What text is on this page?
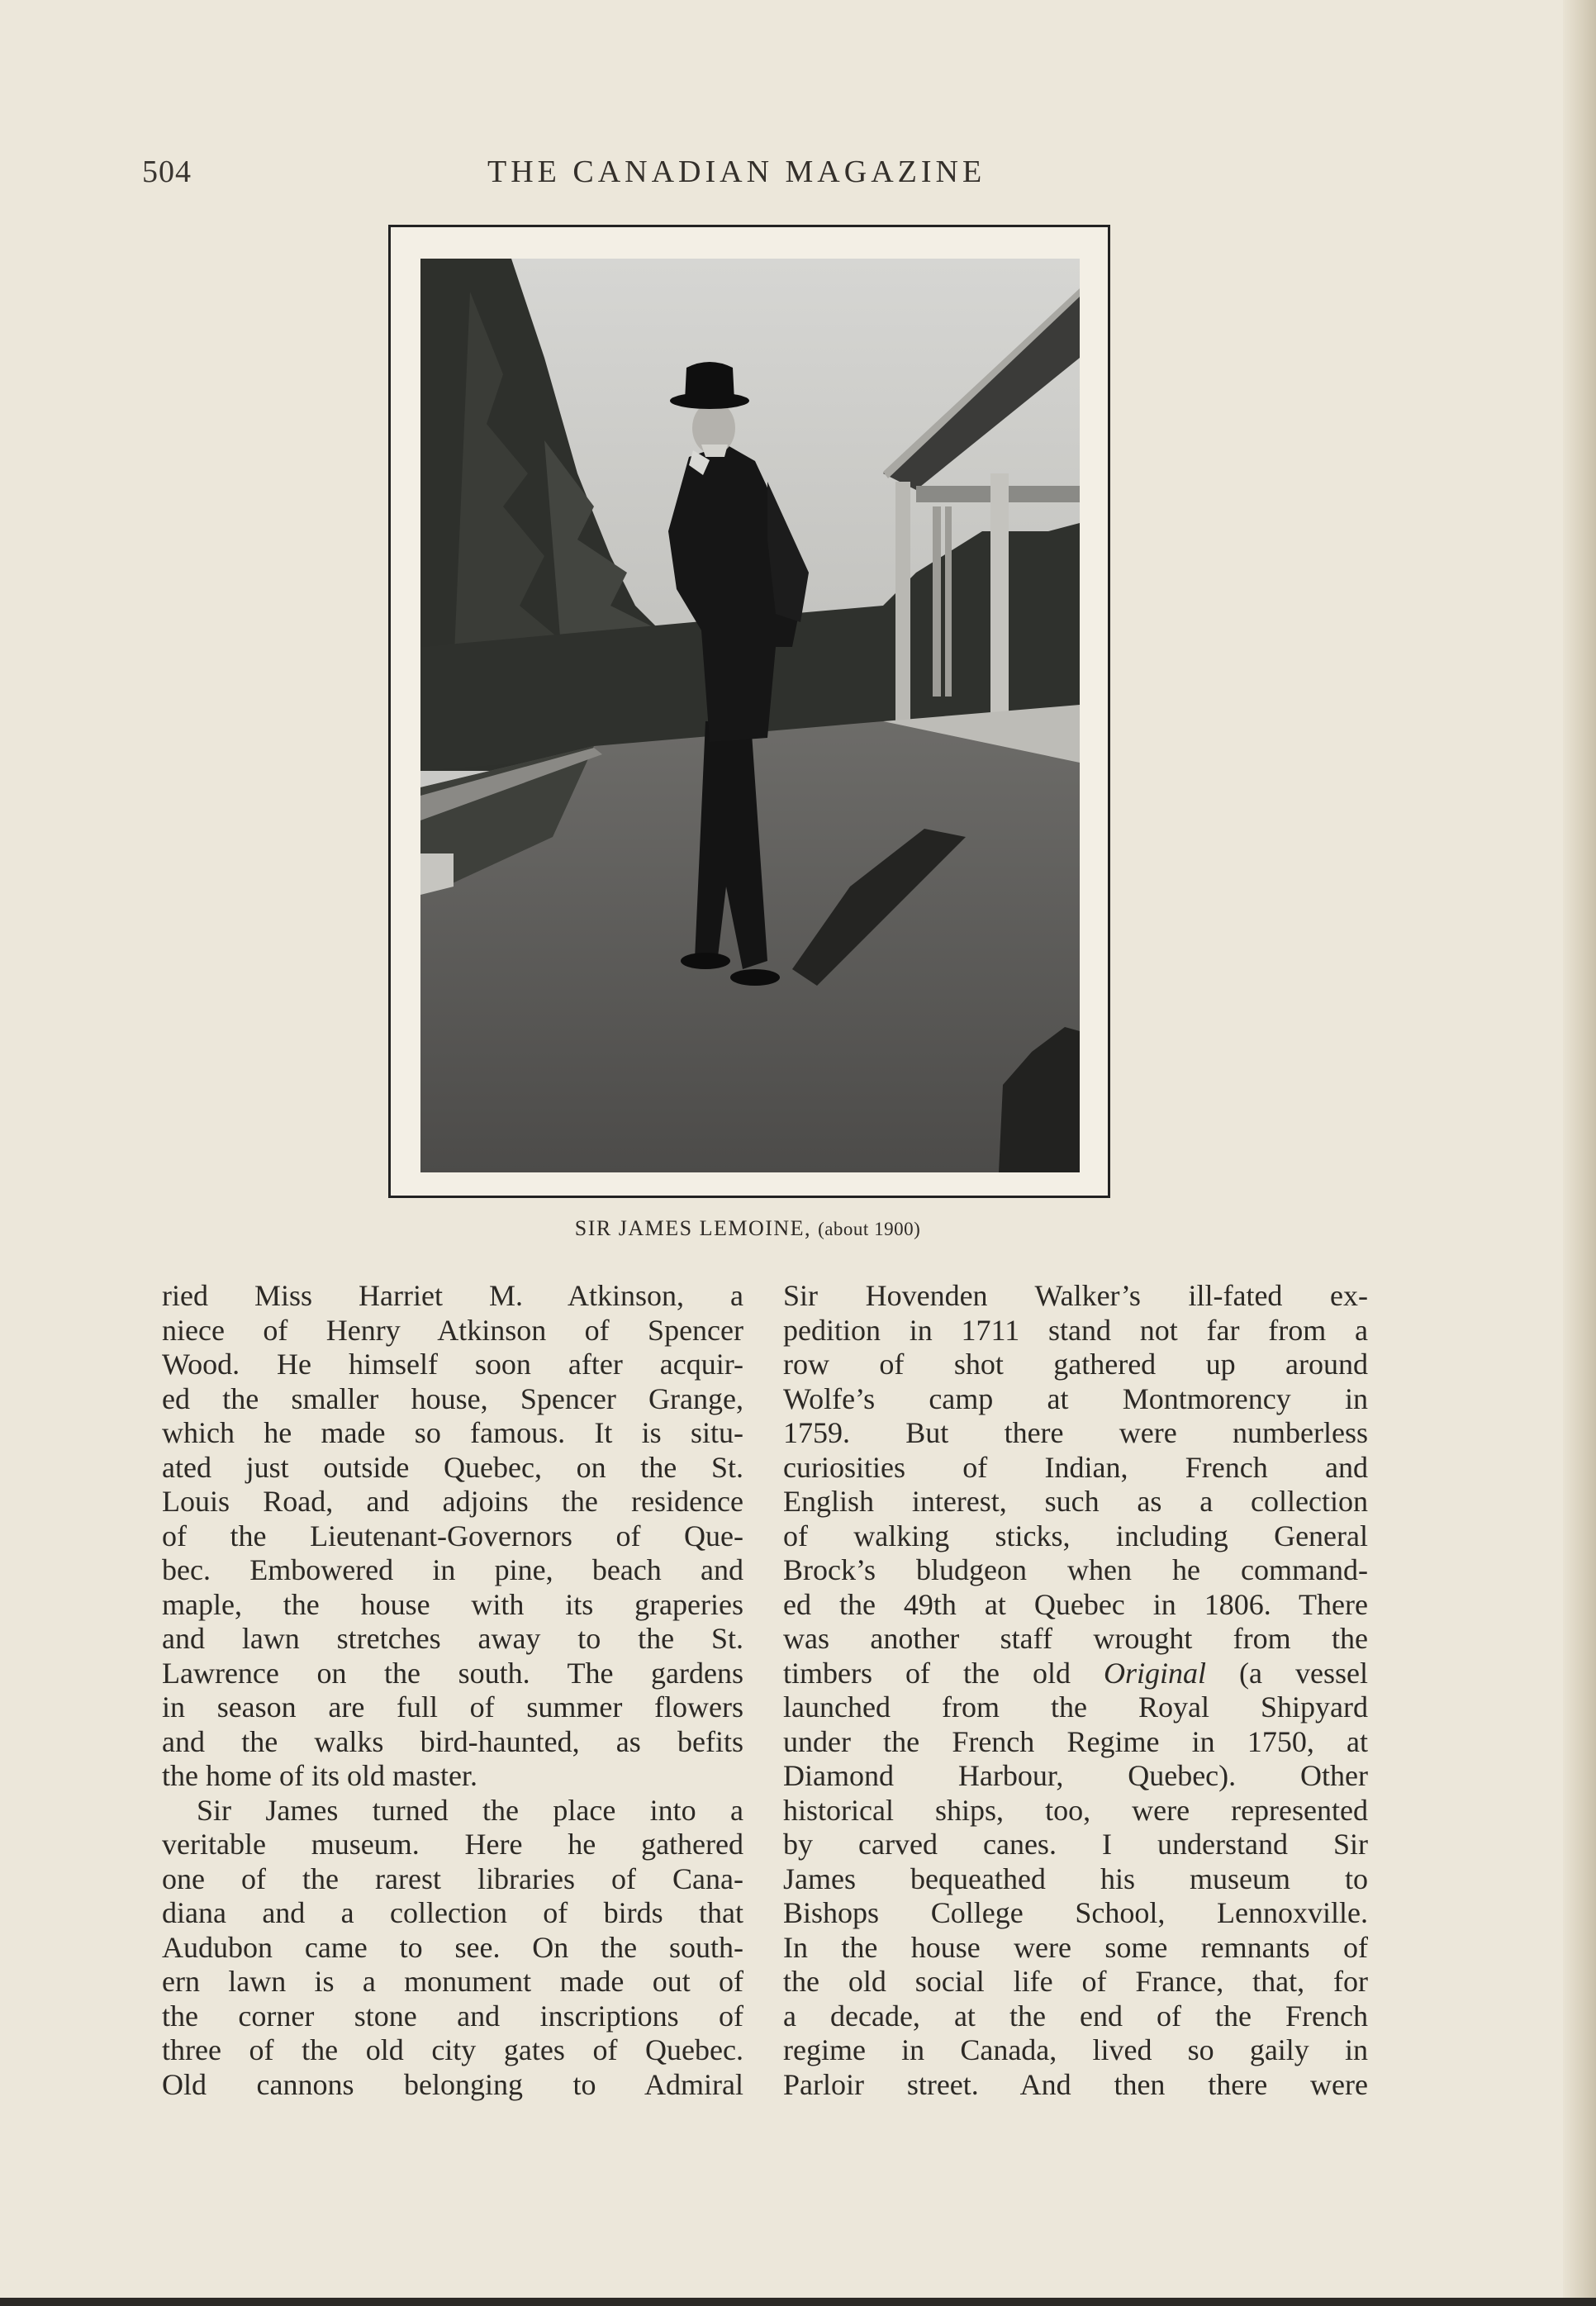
504	THE CANADIAN MAGAZINE
SIR JAMES LEMOINE, (about 1900)
ried Miss Harriet M. Atkinson, a
niece of Henry Atkinson of Spencer
Wood. He himself soon after acquir-
ed the smaller house, Spencer Grange,
which he made so famous. It is situ-
ated just outside Quebec, on the St.
Louis Road, and adjoins the residence
of the Lieutenant-Governors of Que-
bec. Embowered in pine, beach and
maple, the house with its graperies
and lawn stretches away to the St.
Lawrence on the south. The gardens
in season are full of summer flowers
and the walks bird-haunted, as befits
the home of its old master.
Sir James turned the place into a
veritable museum. Here he gathered
one of the rarest libraries of Cana-
diana and a collection of birds that
Audubon came to see. On the south-
ern lawn is a monument made out of
the corner stone and inscriptions of
three of the old city gates of Quebec.
Old cannons belonging to Admiral
Sir Hovenden Walker’s ill-fated ex-
pedition in 1711 stand not far from a
row of shot gathered up around
Wolfe’s camp at Montmorency in
1759. But there were numberless
curiosities of Indian, French and
English interest, such as a collection
of walking sticks, including General
Brock’s bludgeon when he command-
ed the 49th at Quebec in 1806. There
was another staff wrought from the
timbers of the old Original (a vessel
launched from the Royal Shipyard
under the French Regime in 1750, at
Diamond Harbour, Quebec). Other
historical ships, too, were represented
by carved canes. I understand Sir
James bequeathed his museum to
Bishops College School, Lennoxville.
In the house were some remnants of
the old social life of France, that, for
a decade, at the end of the French
regime in Canada, lived so gaily in
Parloir street. And then there were
